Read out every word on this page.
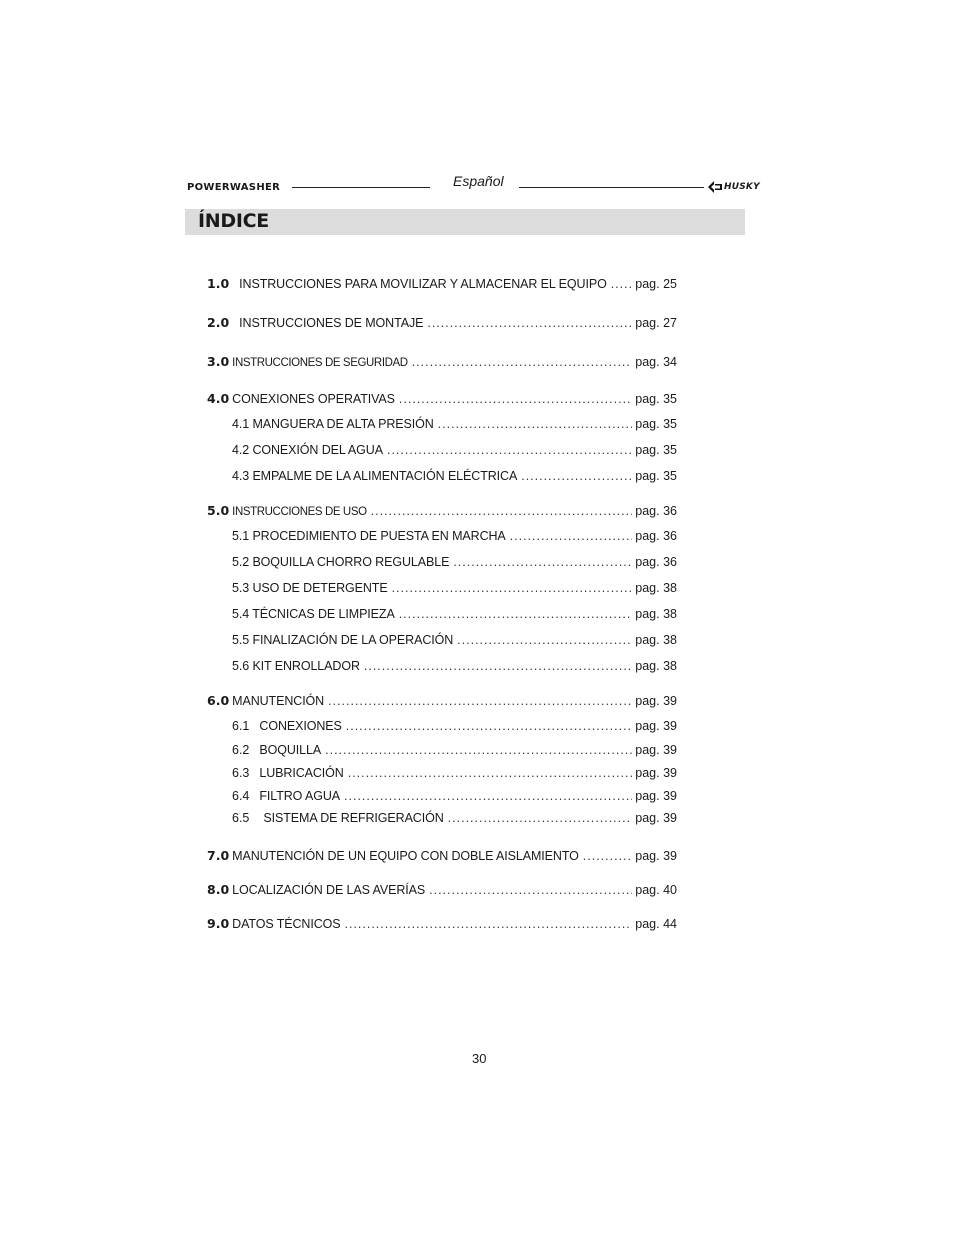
POWERWASHER	Español	HUSKY
ÍNDICE
1.0 INSTRUCCIONES PARA MOVILIZAR Y ALMACENAR EL EQUIPO ..... pag. 25
2.0 INSTRUCCIONES DE MONTAJE .....	pag. 27
3.0 INSTRUCCIONES DE SEGURIDAD .....	pag. 34
4.0 CONEXIONES OPERATIVAS .....	pag. 35
4.1 MANGUERA DE ALTA PRESIÓN .....	pag. 35
4.2 CONEXIÓN DEL AGUA .....	pag. 35
4.3 EMPALME DE LA ALIMENTACIÓN ELÉCTRICA .....	pag. 35
5.0 INSTRUCCIONES DE USO .....	pag. 36
5.1 PROCEDIMIENTO DE PUESTA EN MARCHA .....	pag. 36
5.2 BOQUILLA CHORRO REGULABLE .....	pag. 36
5.3 USO DE DETERGENTE .....	pag. 38
5.4 TÉCNICAS DE LIMPIEZA .....	pag. 38
5.5 FINALIZACIÓN DE LA OPERACIÓN .....	pag. 38
5.6 KIT ENROLLADOR .....	pag. 38
6.0 MANUTENCIÓN .....	pag. 39
6.1 CONEXIONES .....	pag. 39
6.2 BOQUILLA .....	pag. 39
6.3 LUBRICACIÓN .....	pag. 39
6.4 FILTRO AGUA .....	pag. 39
6.5 SISTEMA DE REFRIGERACIÓN .....	pag. 39
7.0 MANUTENCIÓN DE UN EQUIPO CON DOBLE AISLAMIENTO .....	pag. 39
8.0 LOCALIZACIÓN DE LAS AVERÍAS .....	pag. 40
9.0 DATOS TÉCNICOS .....	pag. 44
30
